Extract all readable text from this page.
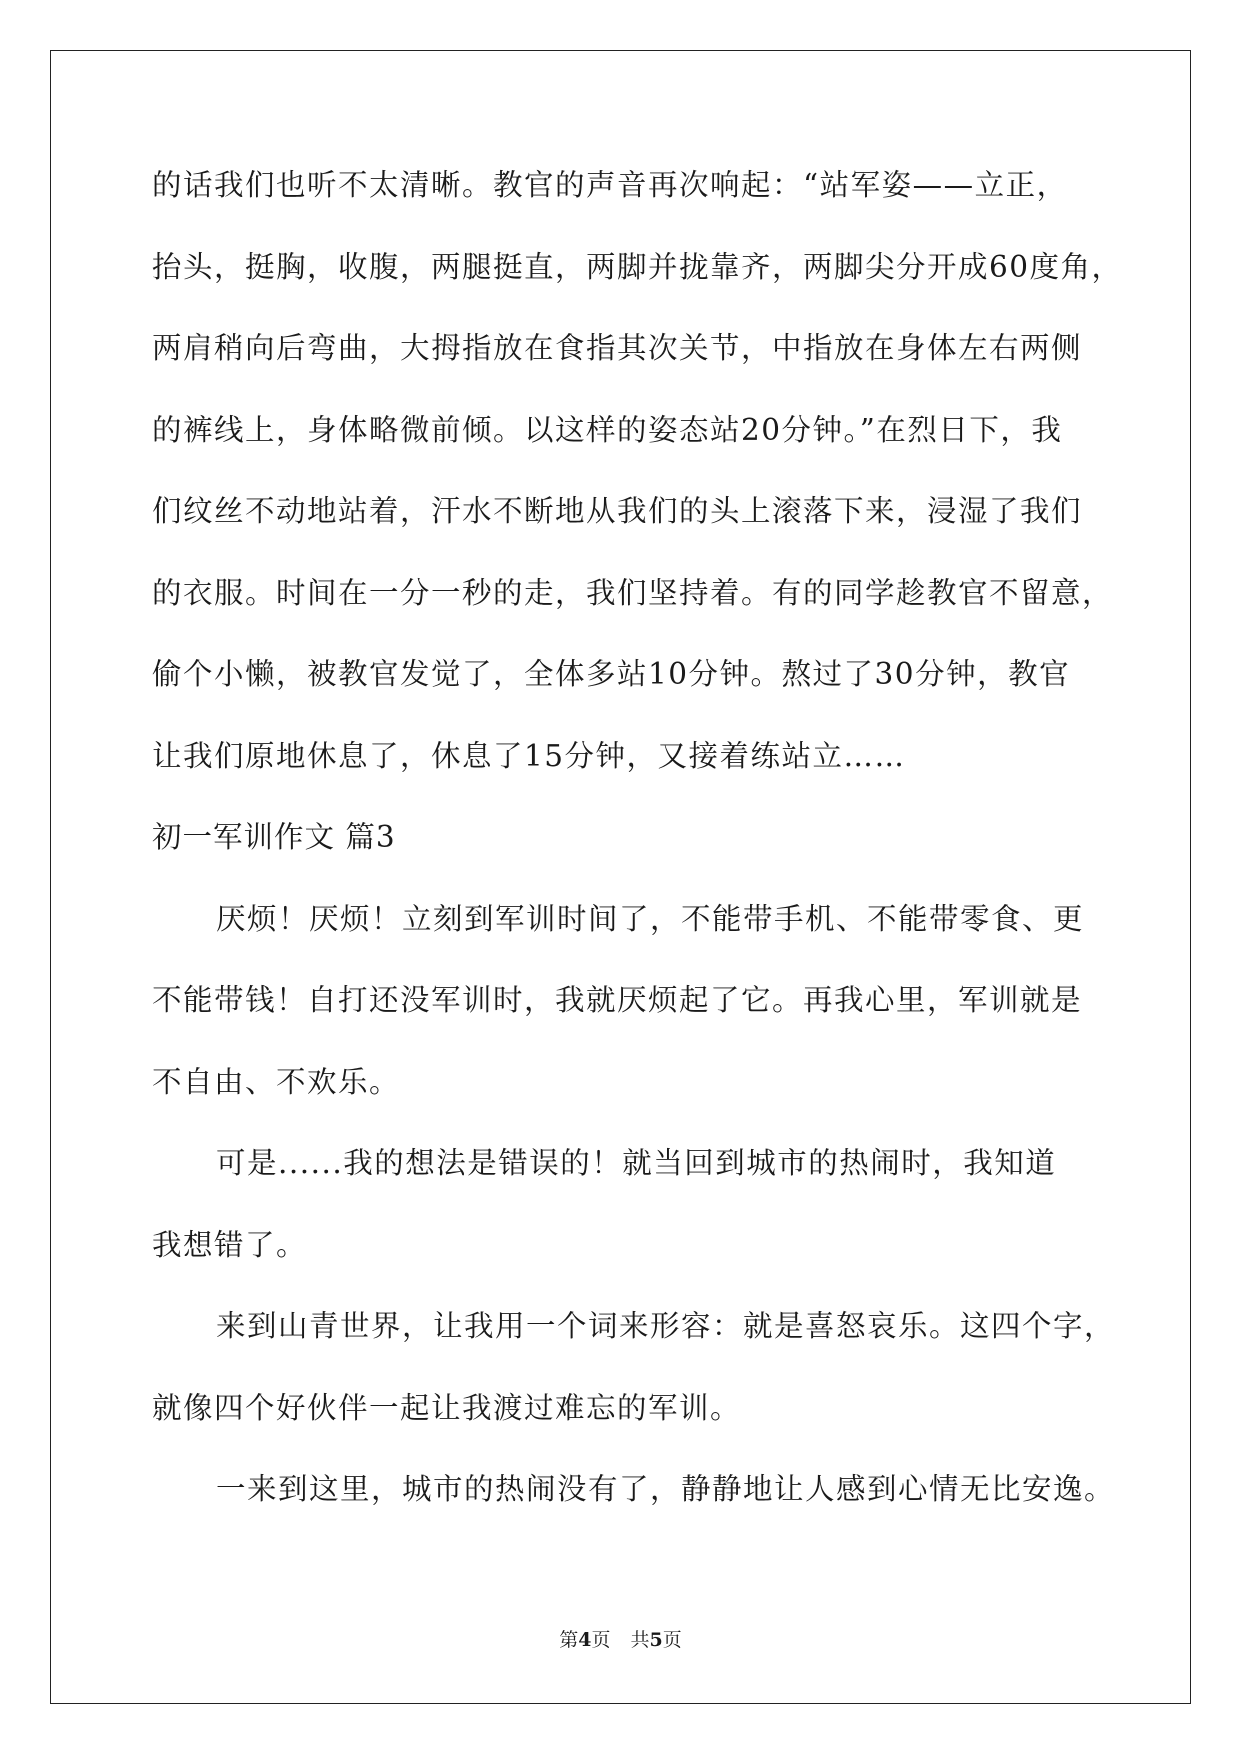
的话我们也听不太清晰。教官的声音再次响起：“站军姿——立正，
抬头，挺胸，收腹，两腿挺直，两脚并拢靠齐，两脚尖分开成60度角，
两肩稍向后弯曲，大拇指放在食指其次关节，中指放在身体左右两侧
的裤线上，身体略微前倾。以这样的姿态站20分钟。”在烈日下，我
们纹丝不动地站着，汗水不断地从我们的头上滚落下来，浸湿了我们
的衣服。时间在一分一秒的走，我们坚持着。有的同学趁教官不留意，
偷个小懒，被教官发觉了，全体多站10分钟。熬过了30分钟，教官
让我们原地休息了，休息了15分钟，又接着练站立……
初一军训作文 篇3
厌烦！厌烦！立刻到军训时间了，不能带手机、不能带零食、更
不能带钱！自打还没军训时，我就厌烦起了它。再我心里，军训就是
不自由、不欢乐。
可是......我的想法是错误的！就当回到城市的热闹时，我知道
我想错了。
来到山青世界，让我用一个词来形容：就是喜怒哀乐。这四个字，
就像四个好伙伴一起让我渡过难忘的军训。
一来到这里，城市的热闹没有了，静静地让人感到心情无比安逸。
第4页 共5页
